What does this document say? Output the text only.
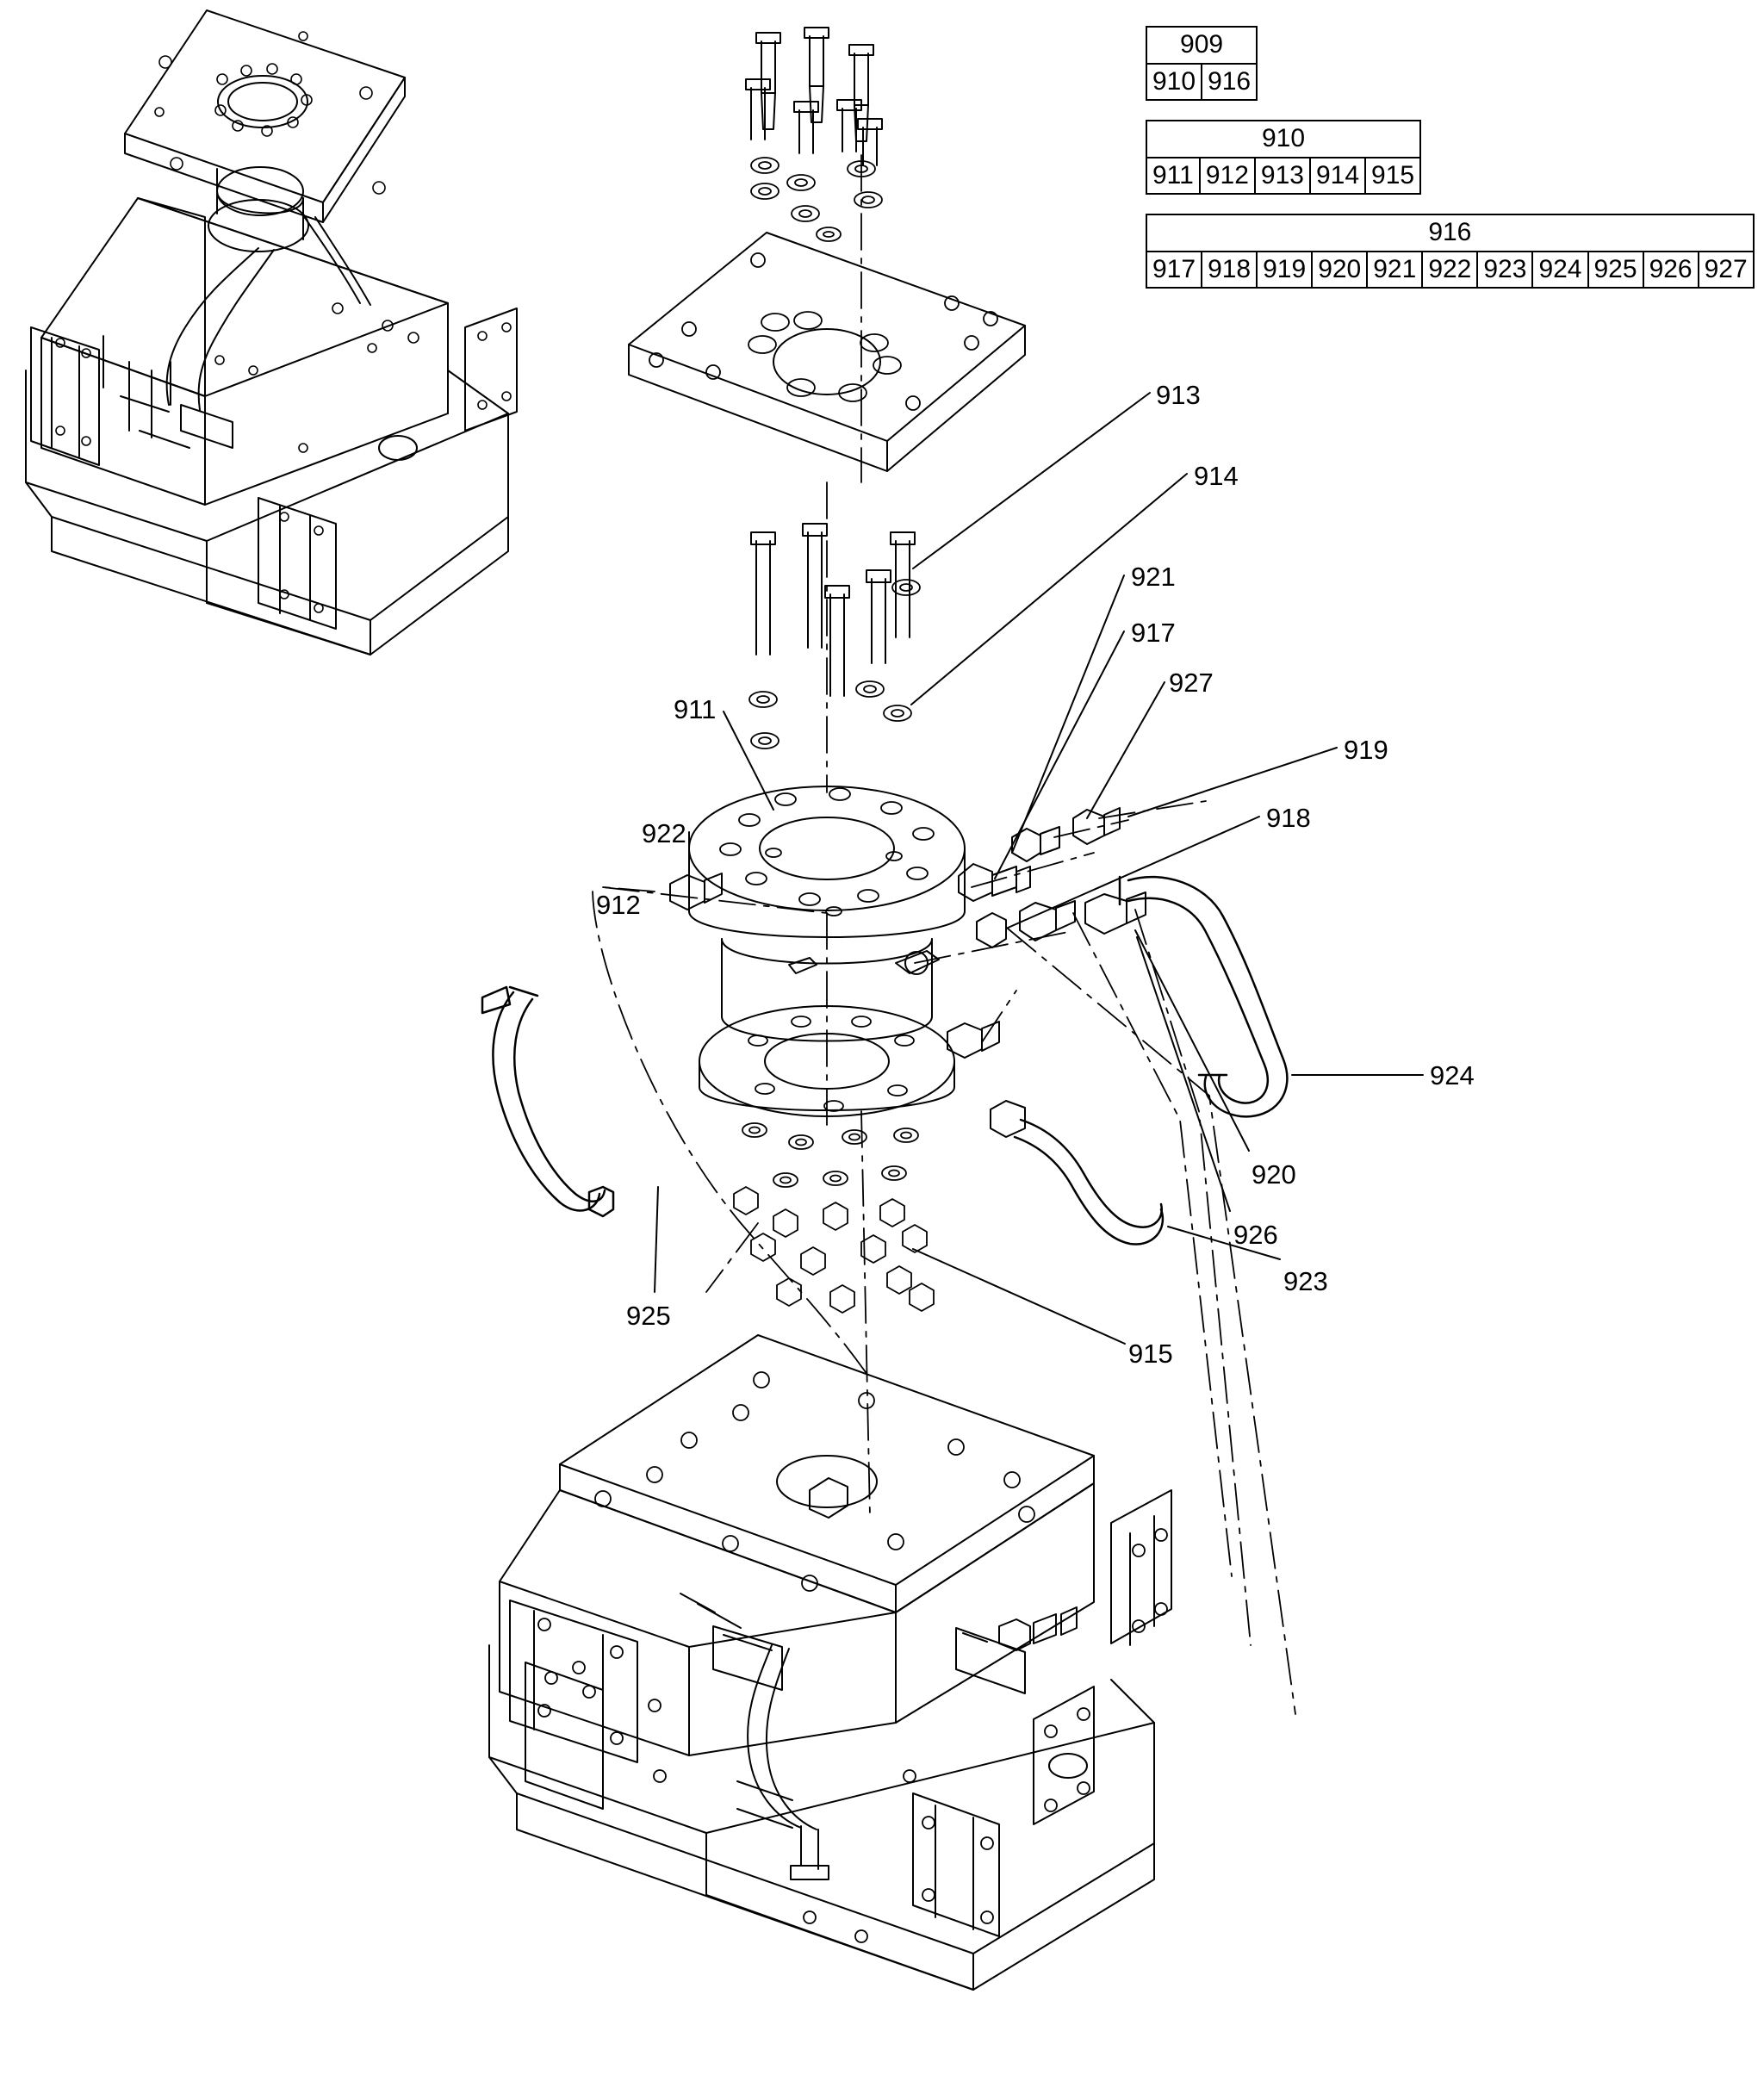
909
910	916
910
911	912	913	914	915
916
917	918	919	920	921	922	923	924	925	926	927
913
914
921
917
927
919
918
911
922
912
924
920
926
923
925
915
